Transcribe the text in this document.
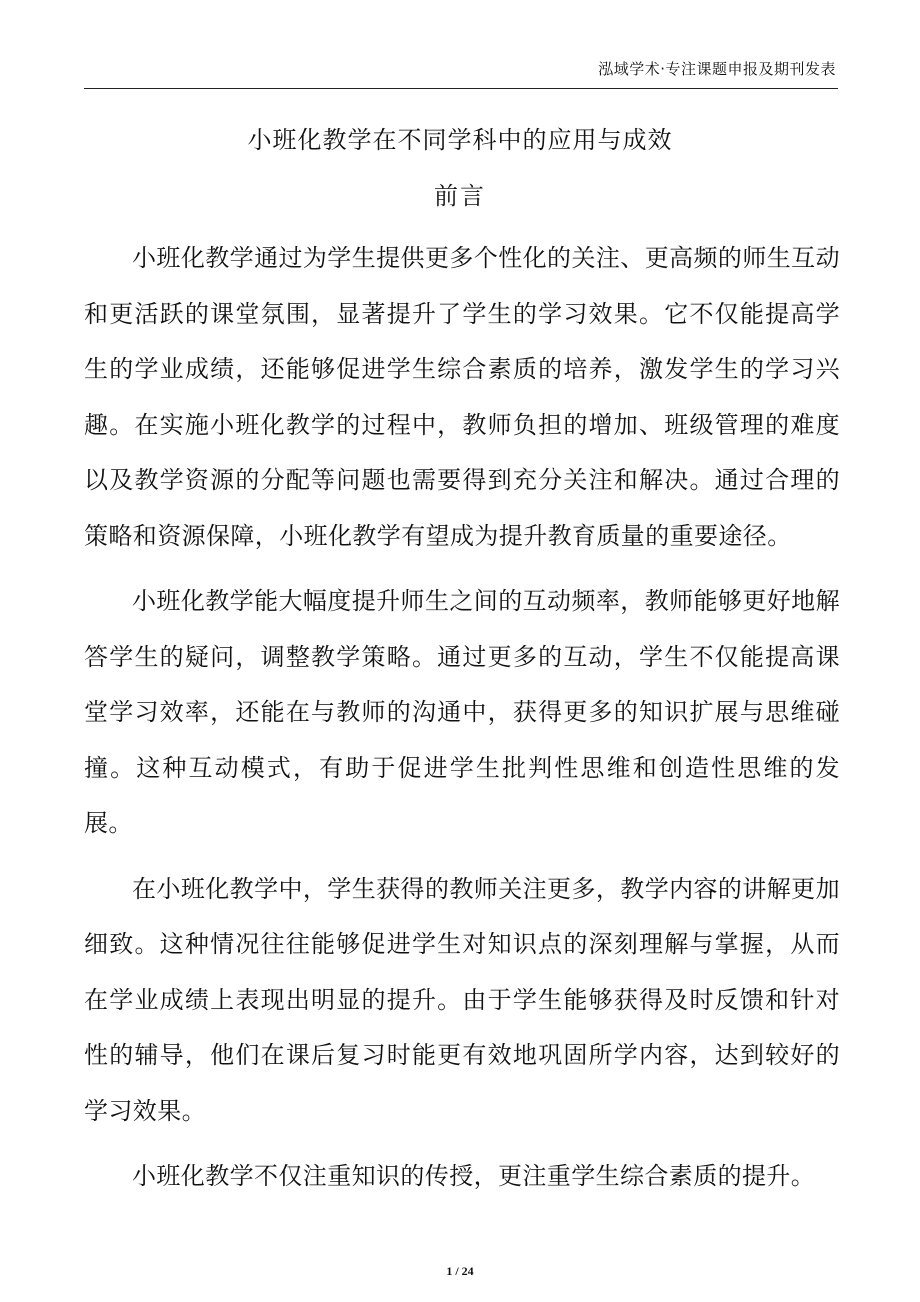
泓域学术·专注课题申报及期刊发表
小班化教学在不同学科中的应用与成效
前言

小班化教学通过为学生提供更多个性化的关注、更高频的师生互动和更活跃的课堂氛围，显著提升了学生的学习效果。它不仅能提高学生的学业成绩，还能够促进学生综合素质的培养，激发学生的学习兴趣。在实施小班化教学的过程中，教师负担的增加、班级管理的难度以及教学资源的分配等问题也需要得到充分关注和解决。通过合理的策略和资源保障，小班化教学有望成为提升教育质量的重要途径。

小班化教学能大幅度提升师生之间的互动频率，教师能够更好地解答学生的疑问，调整教学策略。通过更多的互动，学生不仅能提高课堂学习效率，还能在与教师的沟通中，获得更多的知识扩展与思维碰撞。这种互动模式，有助于促进学生批判性思维和创造性思维的发展。

在小班化教学中，学生获得的教师关注更多，教学内容的讲解更加细致。这种情况往往能够促进学生对知识点的深刻理解与掌握，从而在学业成绩上表现出明显的提升。由于学生能够获得及时反馈和针对性的辅导，他们在课后复习时能更有效地巩固所学内容，达到较好的学习效果。

小班化教学不仅注重知识的传授，更注重学生综合素质的提升。

1 / 24
